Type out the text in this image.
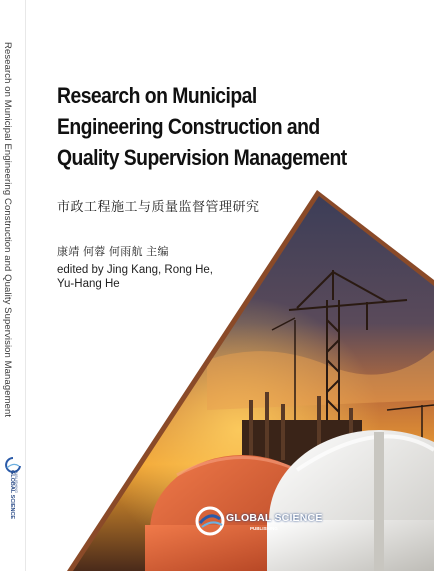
Research on Municipal Engineering Construction and Quality Supervision Management
GLOBAL SCIENCE PUBLISHING
Research on Municipal
Engineering Construction and
Quality Supervision Management
市政工程施工与质量监督管理研究
康靖 何蓉 何雨航 主编
edited by Jing Kang, Rong He,
Yu-Hang He
GLOBAL SCIENCE
PUBLISHING
